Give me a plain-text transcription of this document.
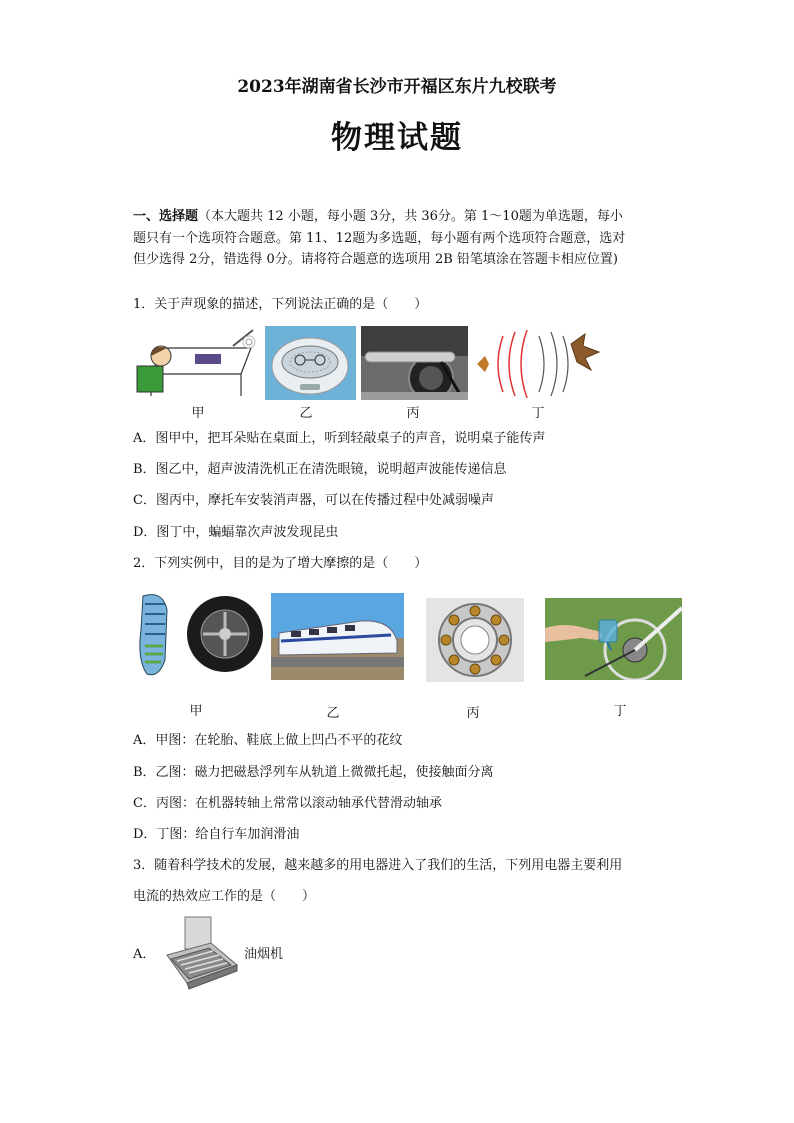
2023年湖南省长沙市开福区东片九校联考
物理试题
一、选择题（本大题共 12 小题，每小题 3分，共 36分。第 1～10题为单选题，每小
题只有一个选项符合题意。第 11、12题为多选题，每小题有两个选项符合题意，选对
但少选得 2分，错选得 0分。请将符合题意的选项用 2B 铅笔填涂在答题卡相应位置)
1．关于声现象的描述，下列说法正确的是（　　）
甲	乙	丙	丁
A．图甲中，把耳朵贴在桌面上，听到轻敲桌子的声音，说明桌子能传声
B．图乙中，超声波清洗机正在清洗眼镜，说明超声波能传递信息
C．图丙中，摩托车安装消声器，可以在传播过程中处减弱噪声
D．图丁中，蝙蝠靠次声波发现昆虫
2．下列实例中，目的是为了增大摩擦的是（　　）
甲	乙	丙	丁
A．甲图：在轮胎、鞋底上做上凹凸不平的花纹
B．乙图：磁力把磁悬浮列车从轨道上微微托起，使接触面分离
C．丙图：在机器转轴上常常以滚动轴承代替滑动轴承
D．丁图：给自行车加润滑油
3．随着科学技术的发展，越来越多的用电器进入了我们的生活，下列用电器主要利用
电流的热效应工作的是（　　）
A．	油烟机
